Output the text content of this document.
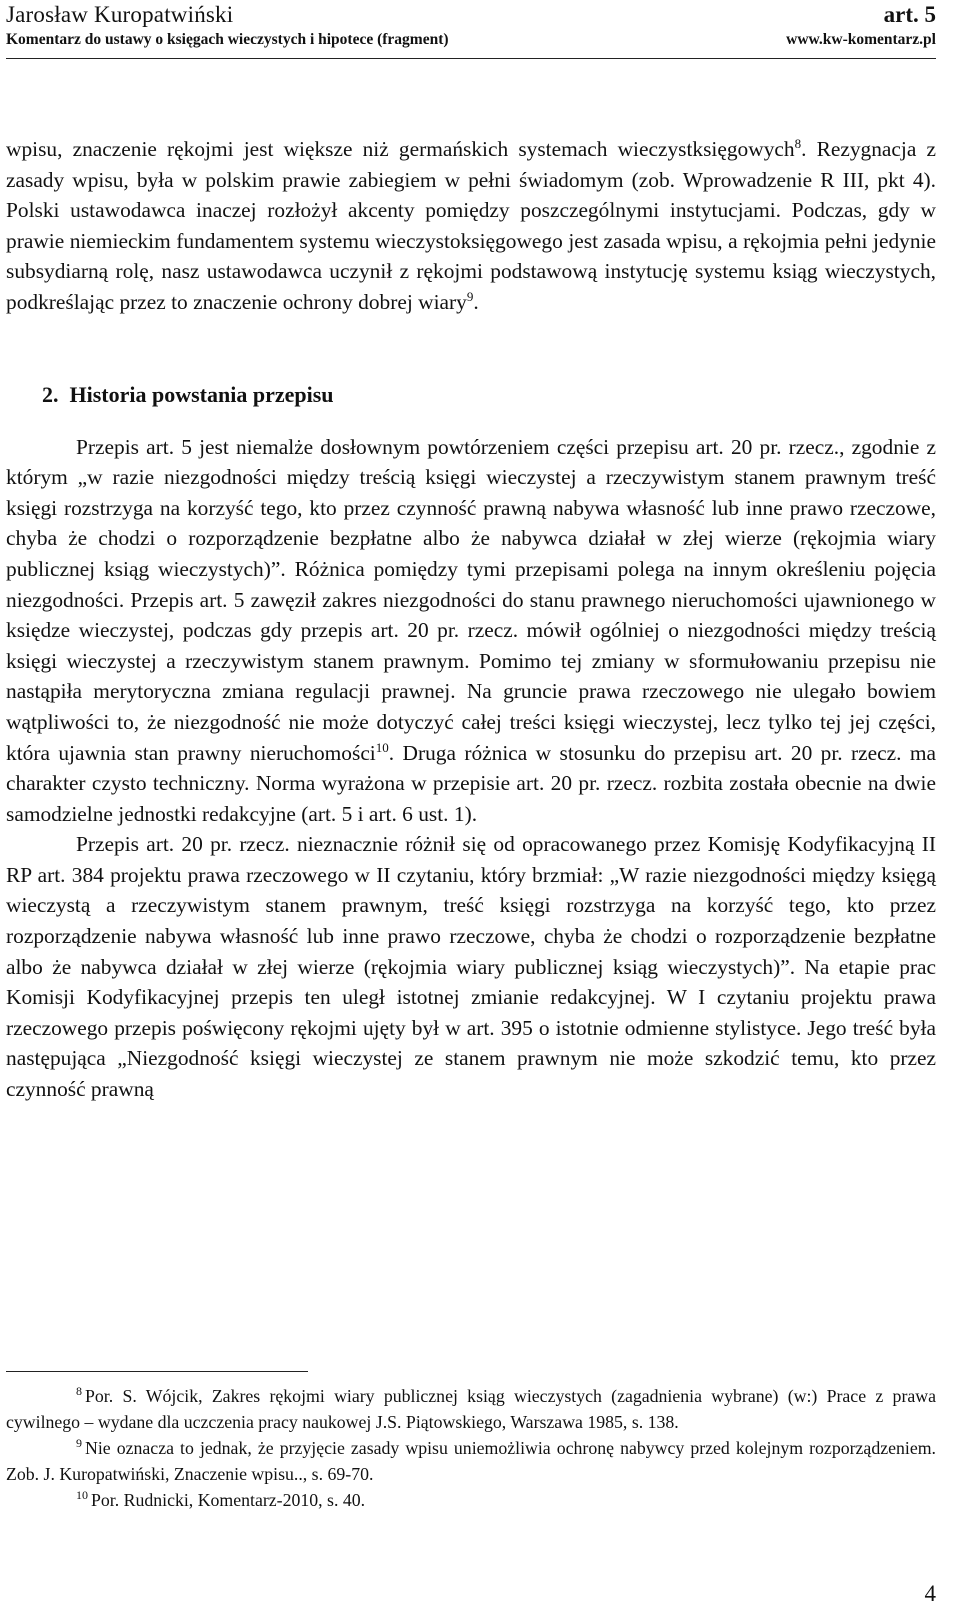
Jarosław Kuropatwiński	art. 5
Komentarz do ustawy o księgach wieczystych i hipotece (fragment)	www.kw-komentarz.pl

wpisu, znaczenie rękojmi jest większe niż germańskich systemach wieczystksięgowych$^8$. Rezygnacja z zasady wpisu, była w polskim prawie zabiegiem w pełni świadomym (zob. Wprowadzenie R III, pkt 4). Polski ustawodawca inaczej rozłożył akcenty pomiędzy poszczególnymi instytucjami. Podczas, gdy w prawie niemieckim fundamentem systemu wieczystoksięgowego jest zasada wpisu, a rękojmia pełni jedynie subsydiarną rolę, nasz ustawodawca uczynił z rękojmi podstawową instytucję systemu ksiąg wieczystych, podkreślając przez to znaczenie ochrony dobrej wiary$^9$.

2. Historia powstania przepisu

Przepis art. 5 jest niemalże dosłownym powtórzeniem części przepisu art. 20 pr. rzecz., zgodnie z którym „w razie niezgodności między treścią księgi wieczystej a rzeczywistym stanem prawnym treść księgi rozstrzyga na korzyść tego, kto przez czynność prawną nabywa własność lub inne prawo rzeczowe, chyba że chodzi o rozporządzenie bezpłatne albo że nabywca działał w złej wierze (rękojmia wiary publicznej ksiąg wieczystych)”. Różnica pomiędzy tymi przepisami polega na innym określeniu pojęcia niezgodności. Przepis art. 5 zawęził zakres niezgodności do stanu prawnego nieruchomości ujawnionego w księdze wieczystej, podczas gdy przepis art. 20 pr. rzecz. mówił ogólniej o niezgodności między treścią księgi wieczystej a rzeczywistym stanem prawnym. Pomimo tej zmiany w sformułowaniu przepisu nie nastąpiła merytoryczna zmiana regulacji prawnej. Na gruncie prawa rzeczowego nie ulegało bowiem wątpliwości to, że niezgodność nie może dotyczyć całej treści księgi wieczystej, lecz tylko tej jej części, która ujawnia stan prawny nieruchomości$^{10}$. Druga różnica w stosunku do przepisu art. 20 pr. rzecz. ma charakter czysto techniczny. Norma wyrażona w przepisie art. 20 pr. rzecz. rozbita została obecnie na dwie samodzielne jednostki redakcyjne (art. 5 i art. 6 ust. 1).

Przepis art. 20 pr. rzecz. nieznacznie różnił się od opracowanego przez Komisję Kodyfikacyjną II RP art. 384 projektu prawa rzeczowego w II czytaniu, który brzmiał: „W razie niezgodności między księgą wieczystą a rzeczywistym stanem prawnym, treść księgi rozstrzyga na korzyść tego, kto przez rozporządzenie nabywa własność lub inne prawo rzeczowe, chyba że chodzi o rozporządzenie bezpłatne albo że nabywca działał w złej wierze (rękojmia wiary publicznej ksiąg wieczystych)”. Na etapie prac Komisji Kodyfikacyjnej przepis ten uległ istotnej zmianie redakcyjnej. W I czytaniu projektu prawa rzeczowego przepis poświęcony rękojmi ujęty był w art. 395 o istotnie odmienne stylistyce. Jego treść była następująca „Niezgodność księgi wieczystej ze stanem prawnym nie może szkodzić temu, kto przez czynność prawną

$^8$ Por. S. Wójcik, Zakres rękojmi wiary publicznej ksiąg wieczystych (zagadnienia wybrane) (w:) Prace z prawa cywilnego – wydane dla uczczenia pracy naukowej J.S. Piątowskiego, Warszawa 1985, s. 138.

$^9$ Nie oznacza to jednak, że przyjęcie zasady wpisu uniemożliwia ochronę nabywcy przed kolejnym rozporządzeniem. Zob. J. Kuropatwiński, Znaczenie wpisu.., s. 69-70.

$^{10}$ Por. Rudnicki, Komentarz-2010, s. 40.

4
